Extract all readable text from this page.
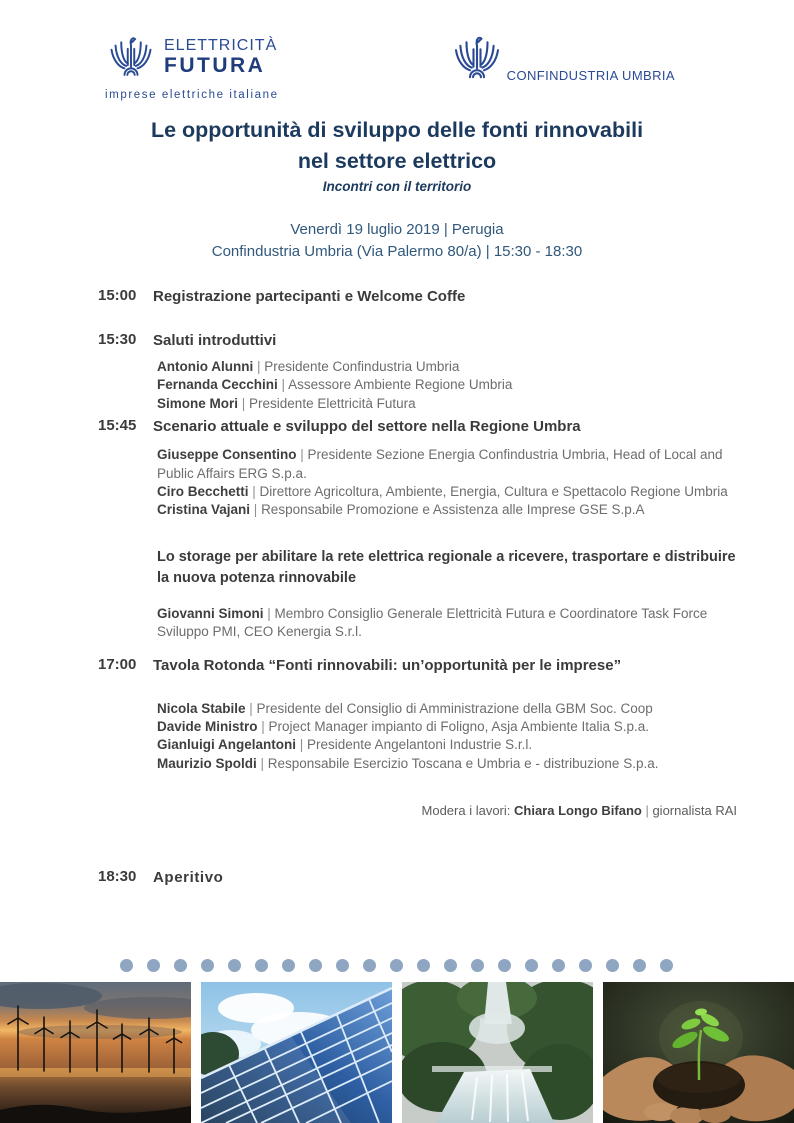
ELETTRICITÀ
FUTURA
imprese elettriche italiane
CONFINDUSTRIA UMBRIA
Le opportunità di sviluppo delle fonti rinnovabili
nel settore elettrico
Incontri con il territorio
Venerdì 19 luglio 2019 | Perugia
Confindustria Umbria (Via Palermo 80/a) | 15:30 - 18:30
15:00	Registrazione partecipanti e Welcome Coffe
15:30	Saluti introduttivi
Antonio Alunni | Presidente Confindustria Umbria
Fernanda Cecchini | Assessore Ambiente Regione Umbria
Simone Mori | Presidente Elettricità Futura
15:45	Scenario attuale e sviluppo del settore nella Regione Umbra
Giuseppe Consentino | Presidente Sezione Energia Confindustria Umbria, Head of Local and Public Affairs ERG S.p.a.
Ciro Becchetti | Direttore Agricoltura, Ambiente, Energia, Cultura e Spettacolo Regione Umbria
Cristina Vajani | Responsabile Promozione e Assistenza alle Imprese GSE S.p.A
Lo storage per abilitare la rete elettrica regionale a ricevere, trasportare e distribuire la nuova potenza rinnovabile
Giovanni Simoni | Membro Consiglio Generale Elettricità Futura e Coordinatore Task Force Sviluppo PMI, CEO Kenergia S.r.l.
17:00	Tavola Rotonda “Fonti rinnovabili: un’opportunità per le imprese”
Nicola Stabile | Presidente del Consiglio di Amministrazione della GBM Soc. Coop
Davide Ministro | Project Manager impianto di Foligno, Asja Ambiente Italia S.p.a.
Gianluigi Angelantoni | Presidente Angelantoni Industrie S.r.l.
Maurizio Spoldi | Responsabile Esercizio Toscana e Umbria e - distribuzione S.p.a.
Modera i lavori: Chiara Longo Bifano | giornalista RAI
18:30	Aperitivo
